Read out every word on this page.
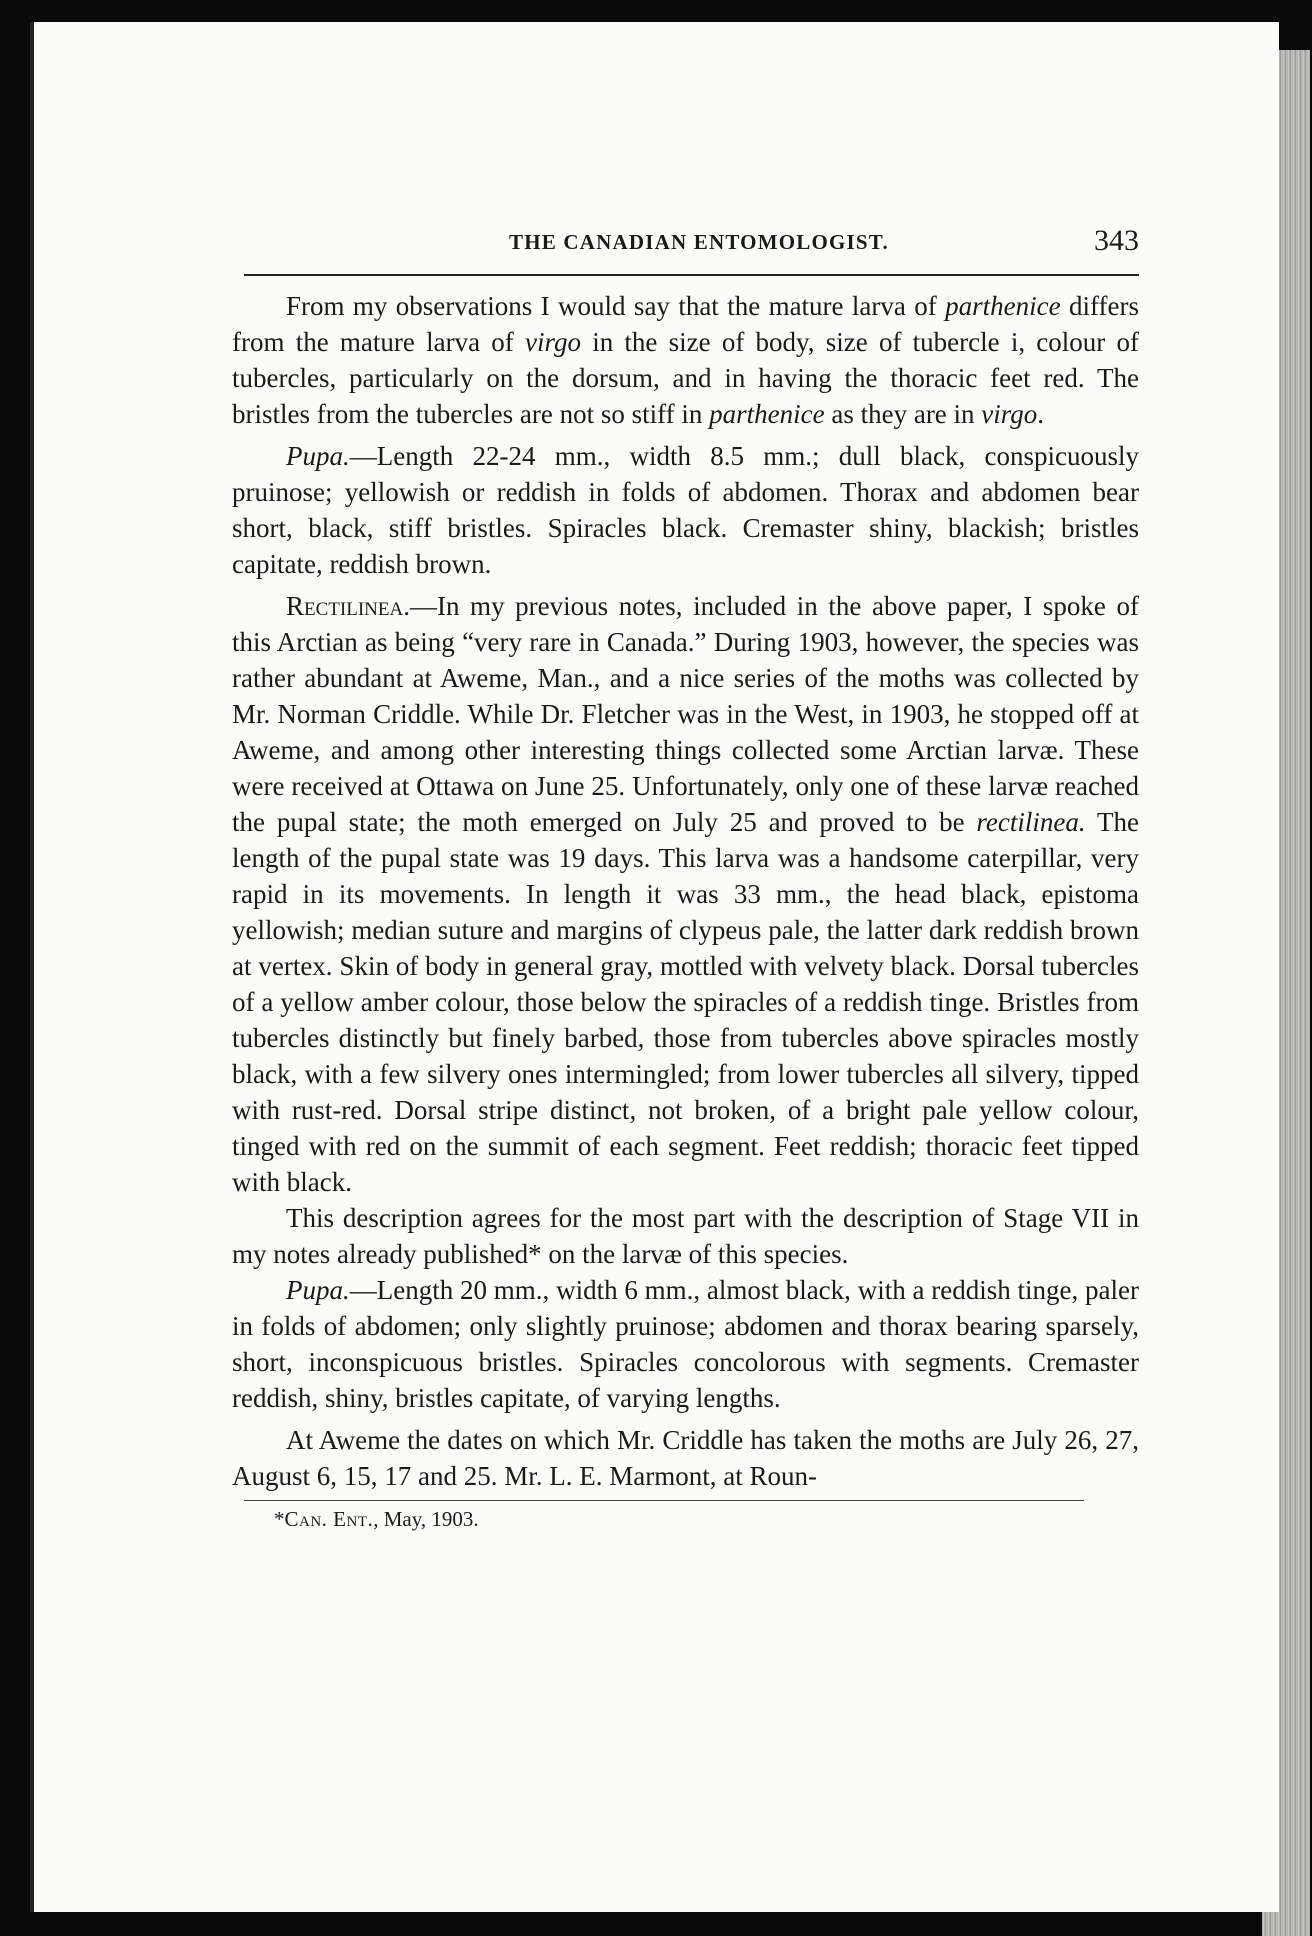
THE CANADIAN ENTOMOLOGIST.	343

From my observations I would say that the mature larva of parthenice differs from the mature larva of virgo in the size of body, size of tubercle i, colour of tubercles, particularly on the dorsum, and in having the thoracic feet red. The bristles from the tubercles are not so stiff in parthenice as they are in virgo.

Pupa.—Length 22-24 mm., width 8.5 mm.; dull black, conspicuously pruinose; yellowish or reddish in folds of abdomen. Thorax and abdomen bear short, black, stiff bristles. Spiracles black. Cremaster shiny, blackish; bristles capitate, reddish brown.

Rectilinea.—In my previous notes, included in the above paper, I spoke of this Arctian as being “very rare in Canada.” During 1903, however, the species was rather abundant at Aweme, Man., and a nice series of the moths was collected by Mr. Norman Criddle. While Dr. Fletcher was in the West, in 1903, he stopped off at Aweme, and among other interesting things collected some Arctian larvæ. These were received at Ottawa on June 25. Unfortunately, only one of these larvæ reached the pupal state; the moth emerged on July 25 and proved to be rectilinea. The length of the pupal state was 19 days. This larva was a handsome caterpillar, very rapid in its movements. In length it was 33 mm., the head black, epistoma yellowish; median suture and margins of clypeus pale, the latter dark reddish brown at vertex. Skin of body in general gray, mottled with velvety black. Dorsal tubercles of a yellow amber colour, those below the spiracles of a reddish tinge. Bristles from tubercles distinctly but finely barbed, those from tubercles above spiracles mostly black, with a few silvery ones intermingled; from lower tubercles all silvery, tipped with rust-red. Dorsal stripe distinct, not broken, of a bright pale yellow colour, tinged with red on the summit of each segment. Feet reddish; thoracic feet tipped with black.

This description agrees for the most part with the description of Stage VII in my notes already published* on the larvæ of this species.

Pupa.—Length 20 mm., width 6 mm., almost black, with a reddish tinge, paler in folds of abdomen; only slightly pruinose; abdomen and thorax bearing sparsely, short, inconspicuous bristles. Spiracles concolorous with segments. Cremaster reddish, shiny, bristles capitate, of varying lengths.

At Aweme the dates on which Mr. Criddle has taken the moths are July 26, 27, August 6, 15, 17 and 25. Mr. L. E. Marmont, at Roun-

*Can. Ent., May, 1903.
